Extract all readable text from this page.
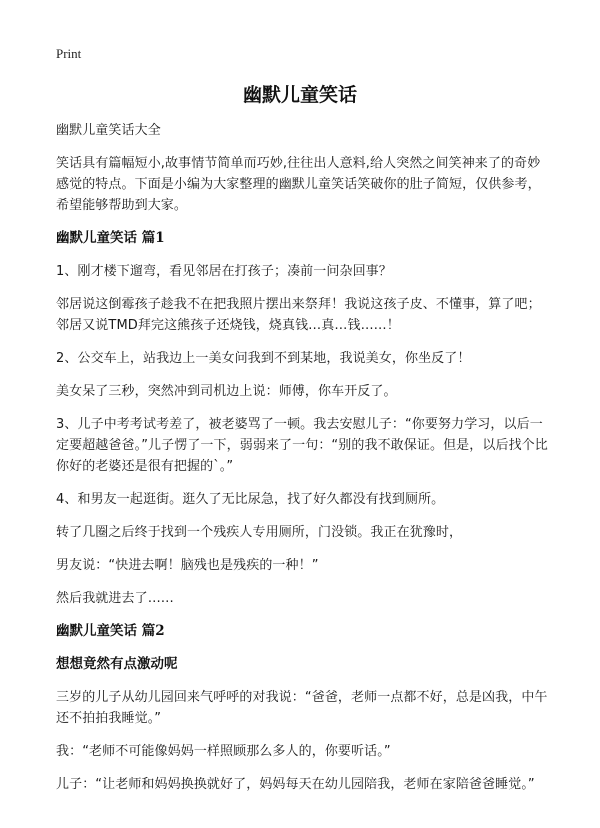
Print
幽默儿童笑话

幽默儿童笑话大全

笑话具有篇幅短小,故事情节简单而巧妙,往往出人意料,给人突然之间笑神来了的奇妙感觉的特点。下面是小编为大家整理的幽默儿童笑话笑破你的肚子简短，仅供参考，希望能够帮助到大家。

幽默儿童笑话 篇1

1、刚才楼下遛弯，看见邻居在打孩子；凑前一问杂回事？

邻居说这倒霉孩子趁我不在把我照片摆出来祭拜！我说这孩子皮、不懂事，算了吧；邻居又说TMD拜完这熊孩子还烧钱，烧真钱…真…钱……！

2、公交车上，站我边上一美女问我到不到某地，我说美女，你坐反了！

美女呆了三秒，突然冲到司机边上说：师傅，你车开反了。

3、儿子中考考试考差了，被老婆骂了一顿。我去安慰儿子：“你要努力学习，以后一定要超越爸爸。”儿子愣了一下，弱弱来了一句：“别的我不敢保证。但是，以后找个比你好的老婆还是很有把握的`。”

4、和男友一起逛街。逛久了无比尿急，找了好久都没有找到厕所。

转了几圈之后终于找到一个残疾人专用厕所，门没锁。我正在犹豫时，

男友说：“快进去啊！脑残也是残疾的一种！”

然后我就进去了……

幽默儿童笑话 篇2

想想竟然有点激动呢

三岁的儿子从幼儿园回来气呼呼的对我说：“爸爸，老师一点都不好，总是凶我，中午还不拍拍我睡觉。”

我：“老师不可能像妈妈一样照顾那么多人的，你要听话。”

儿子：“让老师和妈妈换换就好了，妈妈每天在幼儿园陪我，老师在家陪爸爸睡觉。”
